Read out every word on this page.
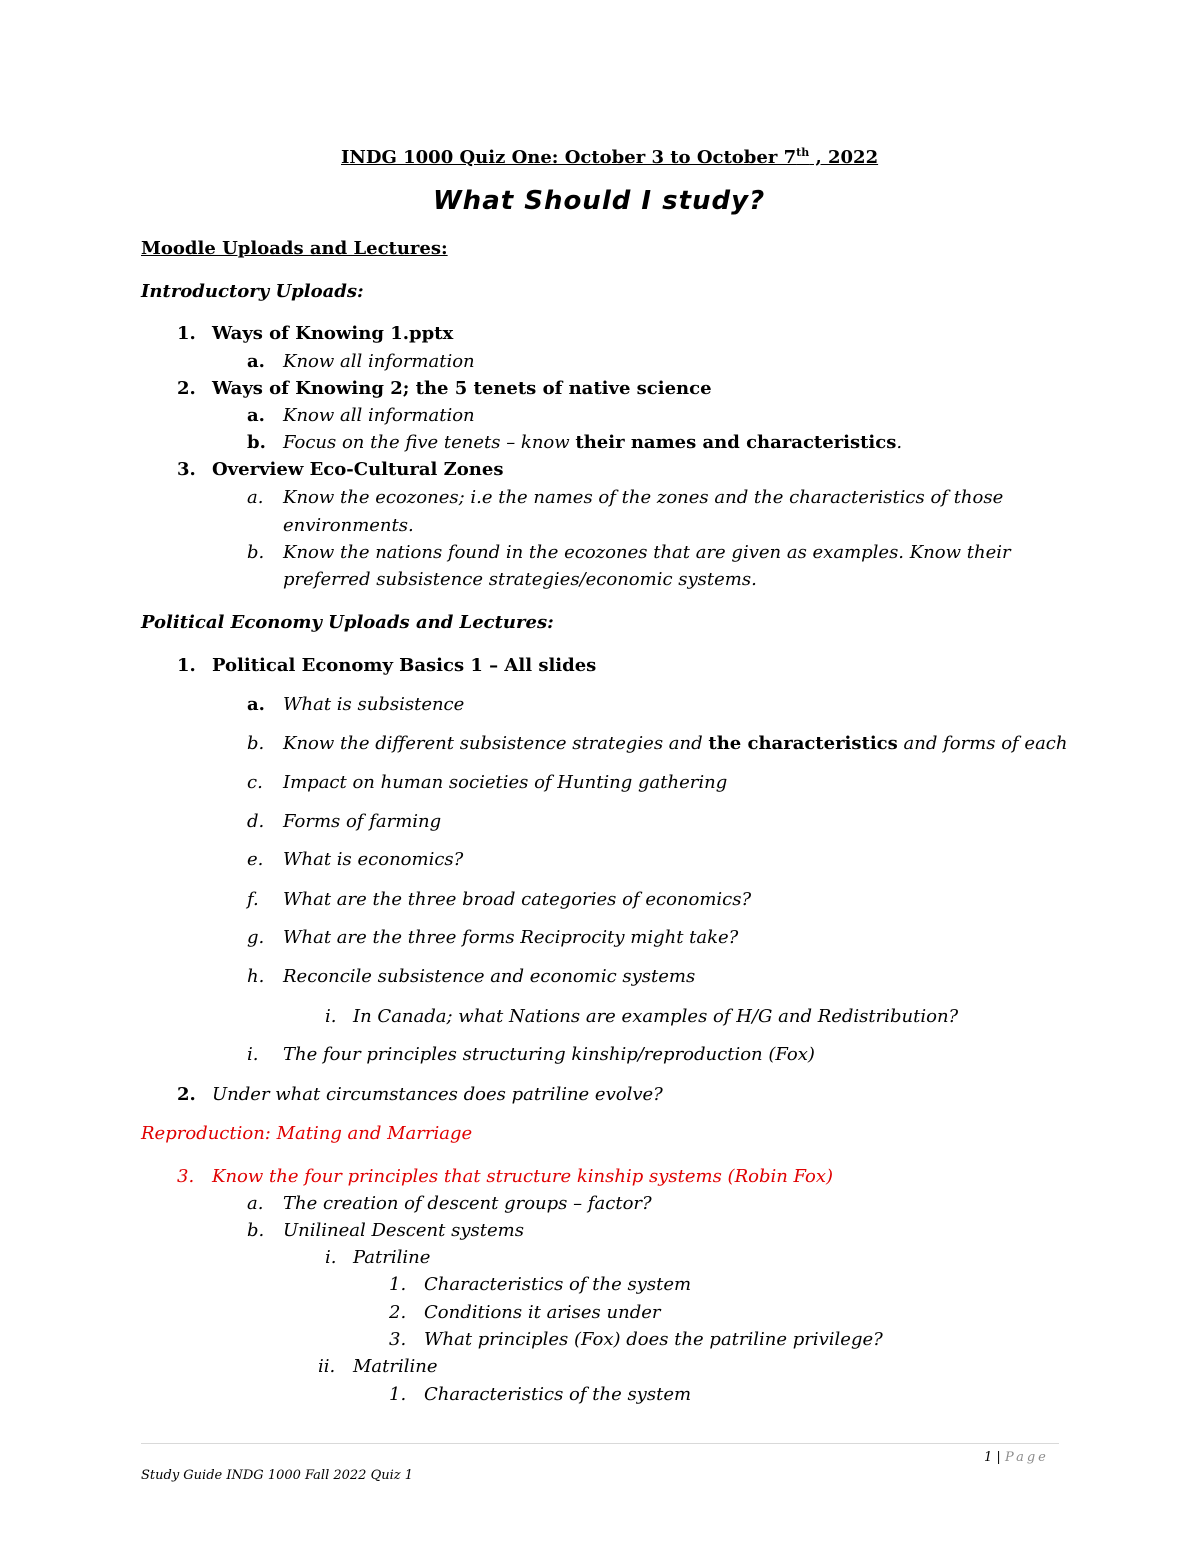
INDG 1000 Quiz One: October 3 to October 7th , 2022
What Should I study?
Moodle Uploads and Lectures:
Introductory Uploads:
1. Ways of Knowing 1.pptx
a. Know all information
2. Ways of Knowing 2; the 5 tenets of native science
a. Know all information
b. Focus on the five tenets – know their names and characteristics.
3. Overview Eco-Cultural Zones
a. Know the ecozones; i.e the names of the zones and the characteristics of those
environments.
b. Know the nations found in the ecozones that are given as examples. Know their
preferred subsistence strategies/economic systems.
Political Economy Uploads and Lectures:
1. Political Economy Basics 1 – All slides
a. What is subsistence
b. Know the different subsistence strategies and the characteristics and forms of each
c. Impact on human societies of Hunting gathering
d. Forms of farming
e. What is economics?
f. What are the three broad categories of economics?
g. What are the three forms Reciprocity might take?
h. Reconcile subsistence and economic systems
i. In Canada; what Nations are examples of H/G and Redistribution?
i. The four principles structuring kinship/reproduction (Fox)
2. Under what circumstances does patriline evolve?
Reproduction: Mating and Marriage
3. Know the four principles that structure kinship systems (Robin Fox)
a. The creation of descent groups – factor?
b. Unilineal Descent systems
i. Patriline
1. Characteristics of the system
2. Conditions it arises under
3. What principles (Fox) does the patriline privilege?
ii. Matriline
1. Characteristics of the system
1 | Page
Study Guide INDG 1000 Fall 2022 Quiz 1
